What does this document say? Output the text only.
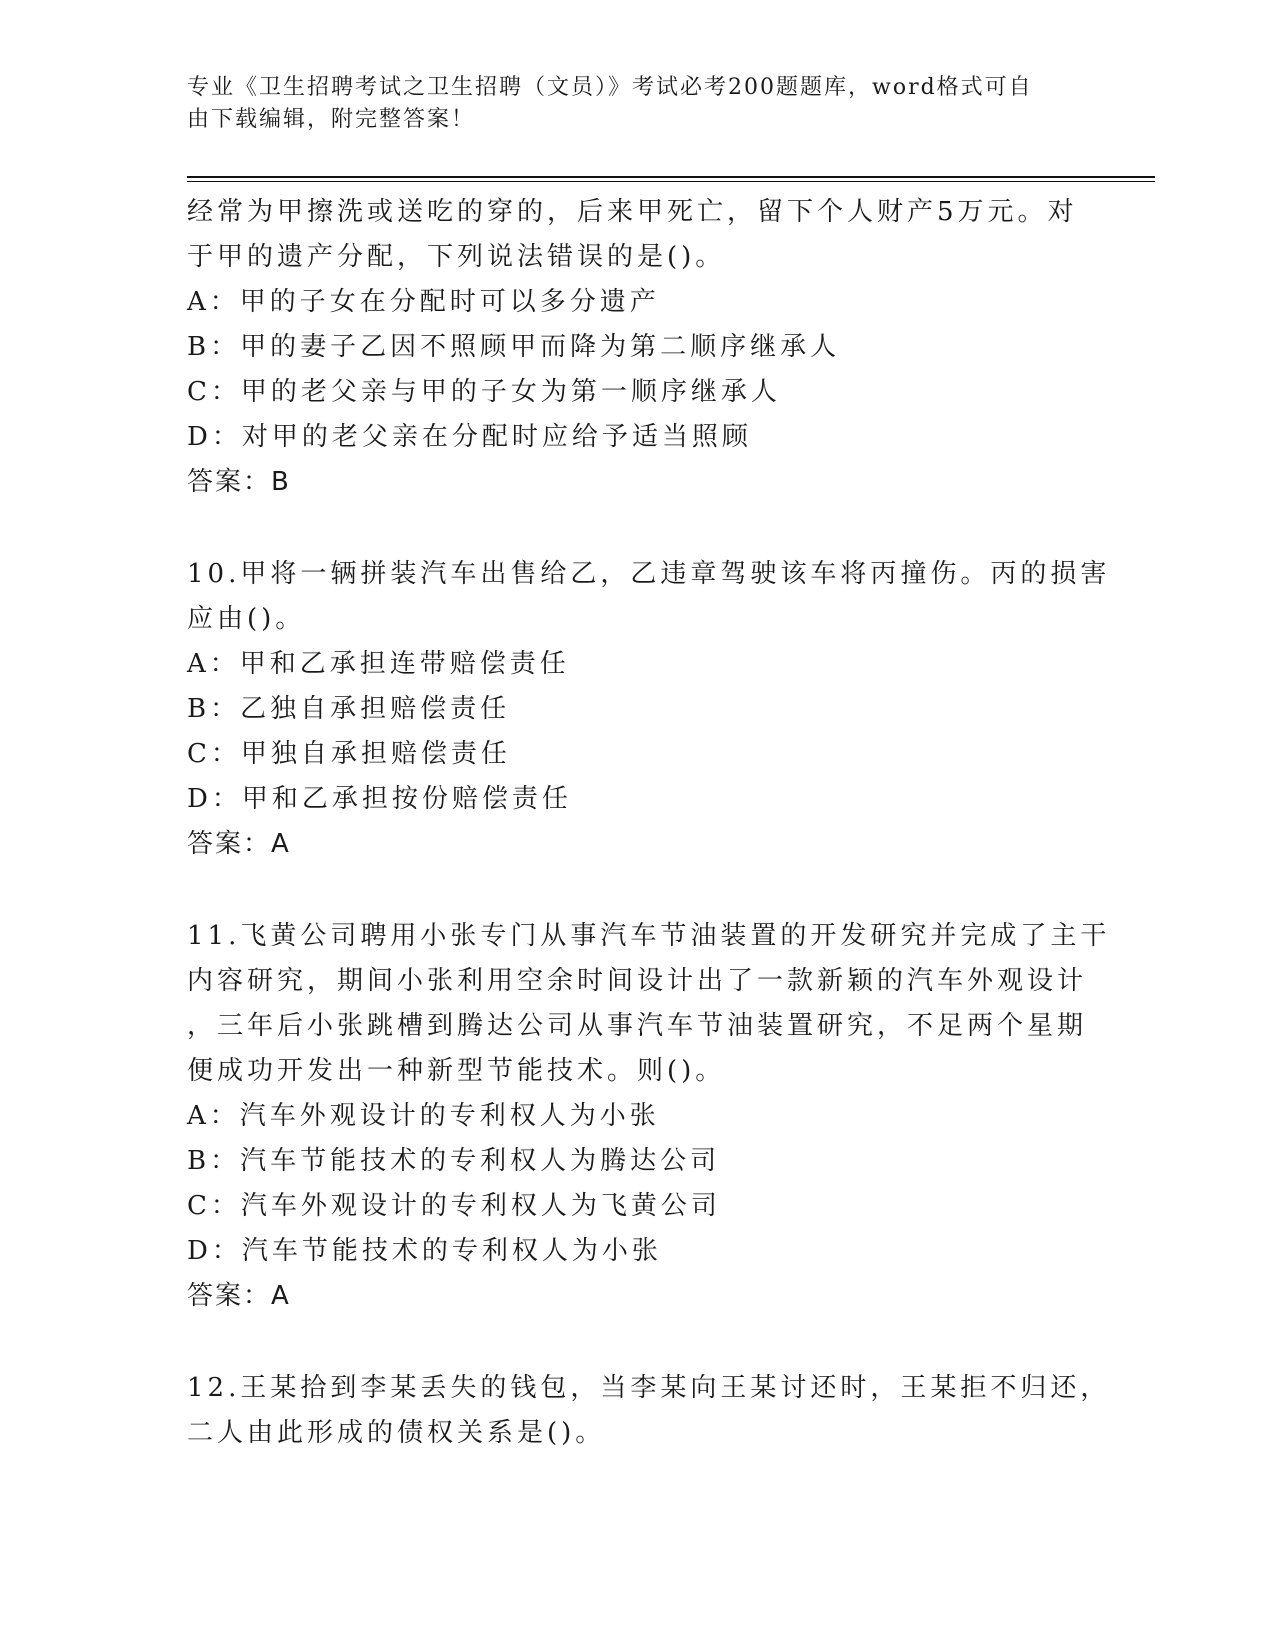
专业《卫生招聘考试之卫生招聘（文员）》考试必考200题题库，word格式可自
由下载编辑，附完整答案！
经常为甲擦洗或送吃的穿的，后来甲死亡，留下个人财产5万元。对
于甲的遗产分配，下列说法错误的是()。
A：甲的子女在分配时可以多分遗产
B：甲的妻子乙因不照顾甲而降为第二顺序继承人
C：甲的老父亲与甲的子女为第一顺序继承人
D：对甲的老父亲在分配时应给予适当照顾
答案：B
10.甲将一辆拼装汽车出售给乙，乙违章驾驶该车将丙撞伤。丙的损害
应由()。
A：甲和乙承担连带赔偿责任
B：乙独自承担赔偿责任
C：甲独自承担赔偿责任
D：甲和乙承担按份赔偿责任
答案：A
11.飞黄公司聘用小张专门从事汽车节油装置的开发研究并完成了主干
内容研究，期间小张利用空余时间设计出了一款新颖的汽车外观设计
，三年后小张跳槽到腾达公司从事汽车节油装置研究，不足两个星期
便成功开发出一种新型节能技术。则()。
A：汽车外观设计的专利权人为小张
B：汽车节能技术的专利权人为腾达公司
C：汽车外观设计的专利权人为飞黄公司
D：汽车节能技术的专利权人为小张
答案：A
12.王某拾到李某丢失的钱包，当李某向王某讨还时，王某拒不归还，
二人由此形成的债权关系是()。
